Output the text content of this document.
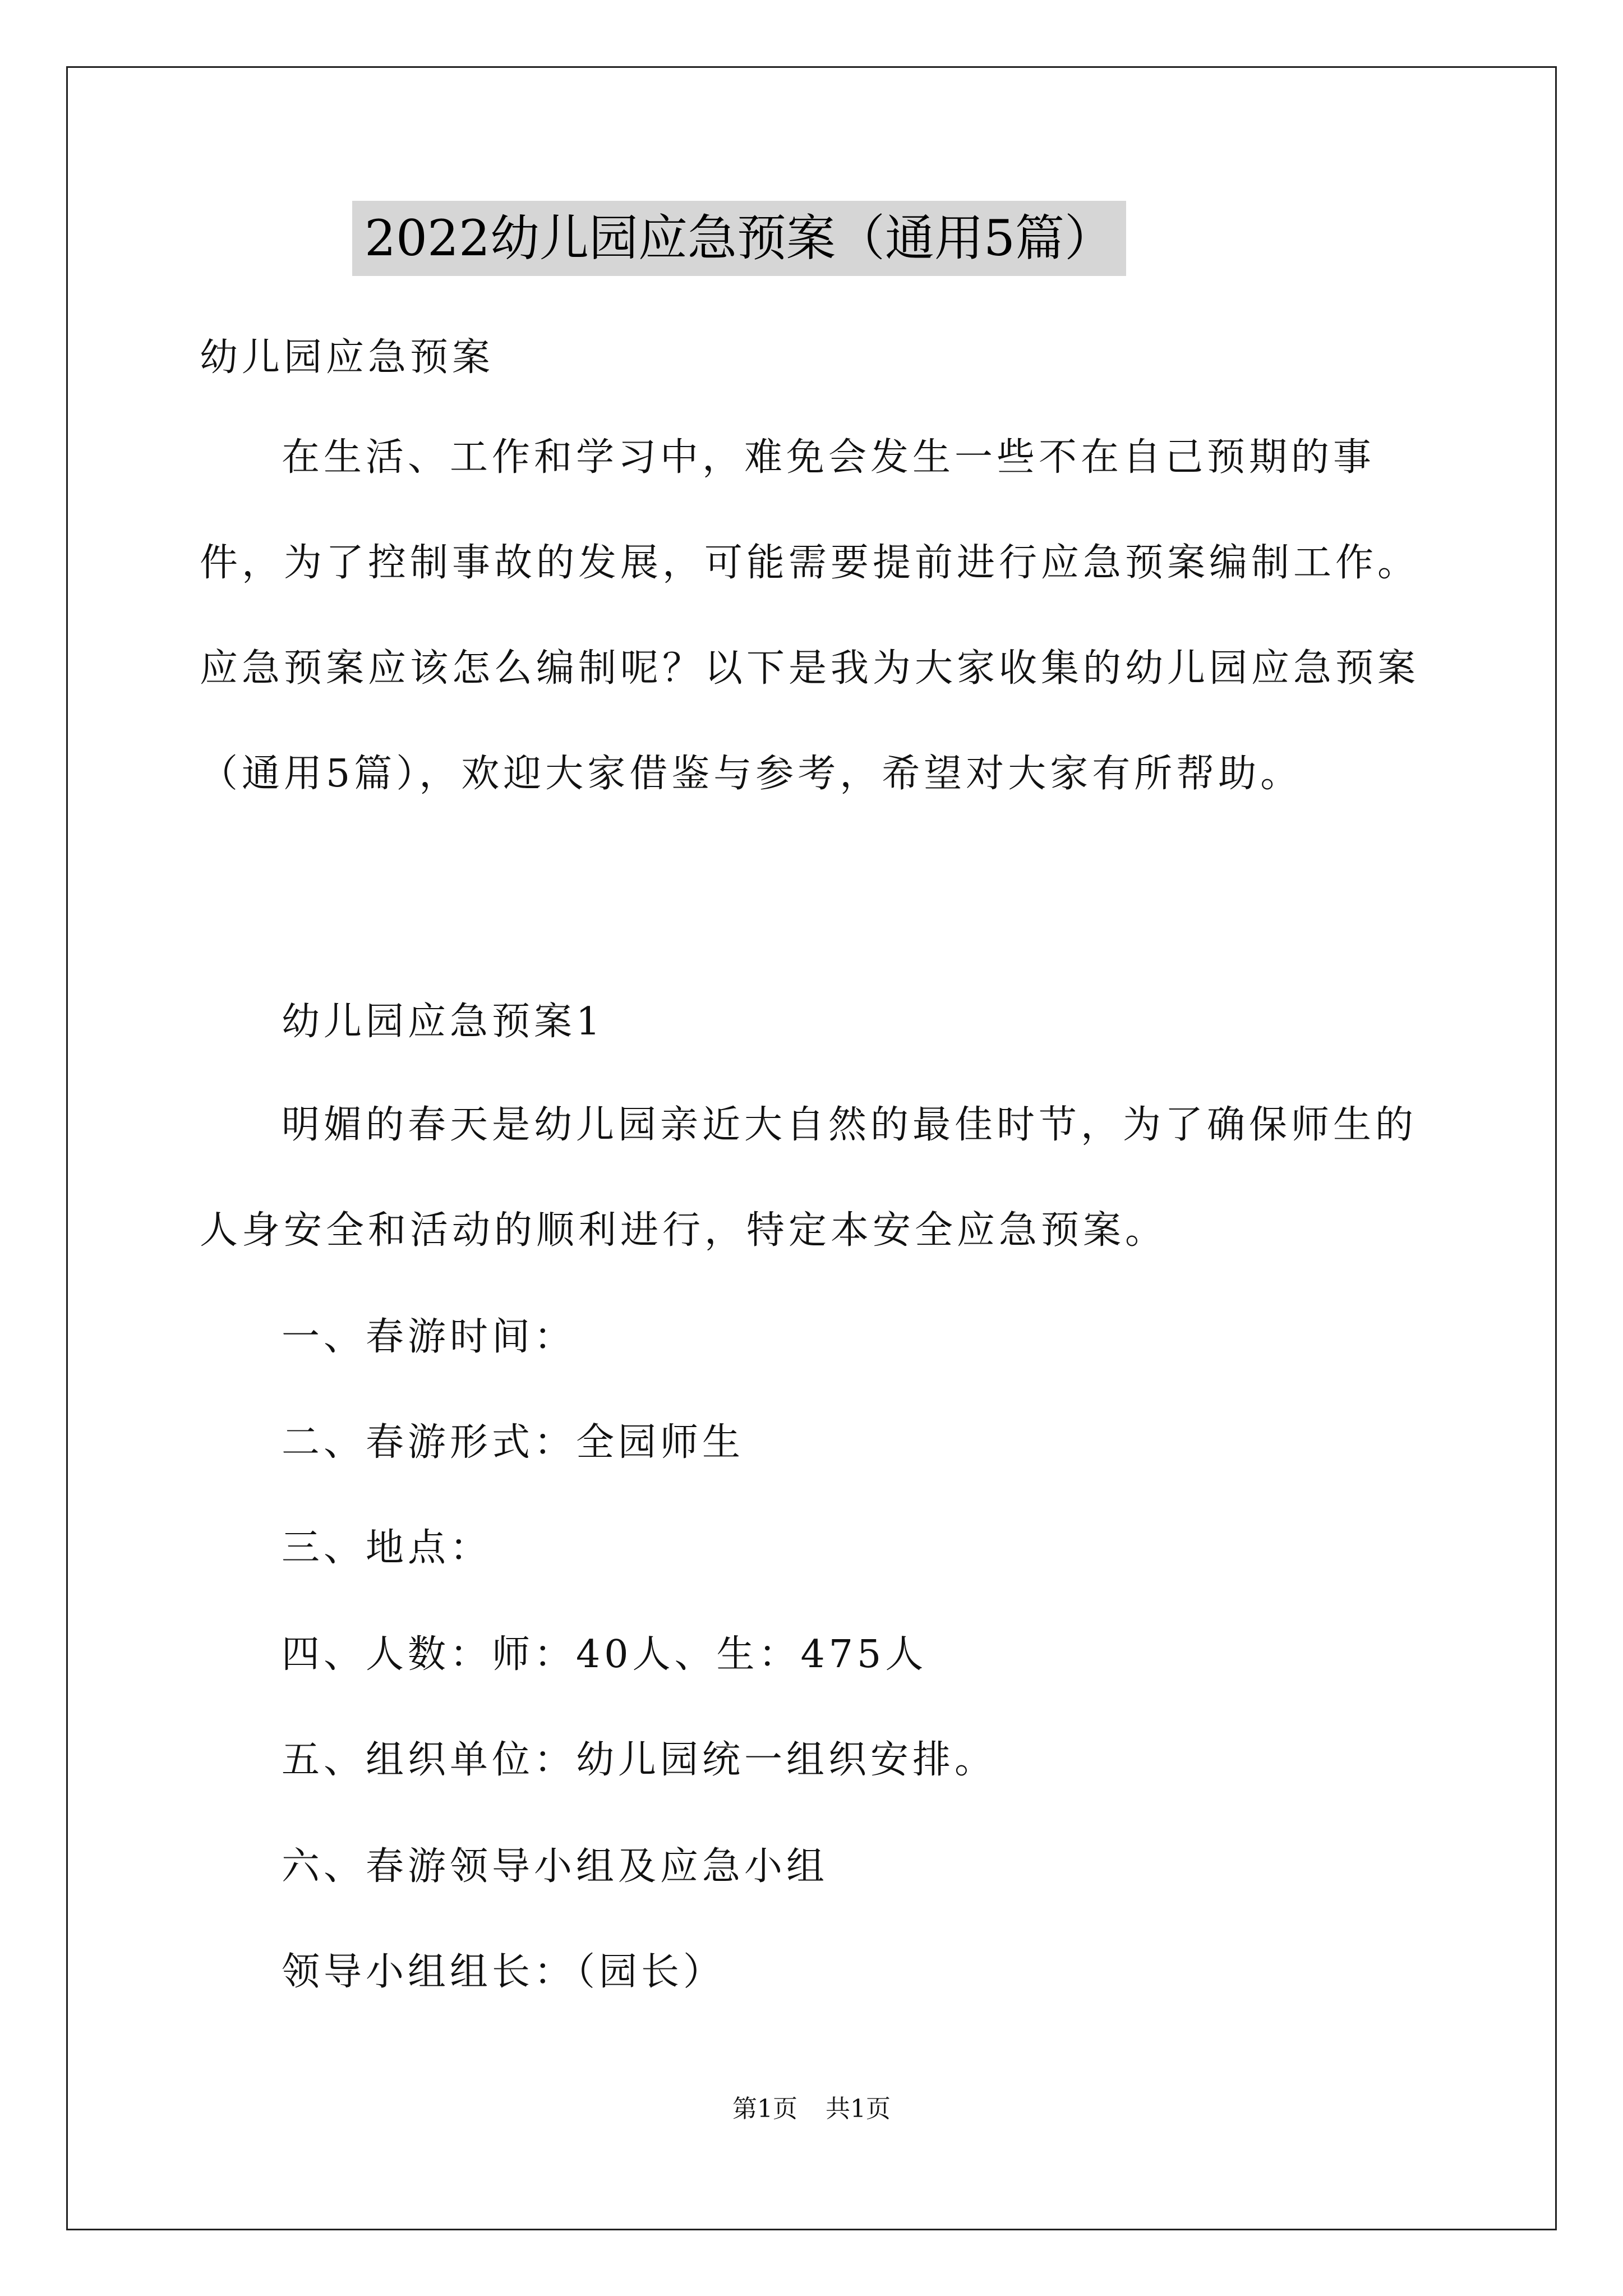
2022幼儿园应急预案（通用5篇）

幼儿园应急预案

在生活、工作和学习中，难免会发生一些不在自己预期的事件，为了控制事故的发展，可能需要提前进行应急预案编制工作。应急预案应该怎么编制呢？以下是我为大家收集的幼儿园应急预案（通用5篇），欢迎大家借鉴与参考，希望对大家有所帮助。

幼儿园应急预案1

明媚的春天是幼儿园亲近大自然的最佳时节，为了确保师生的人身安全和活动的顺利进行，特定本安全应急预案。

一、春游时间：

二、春游形式：全园师生

三、地点：

四、人数：师：40人、生：475人

五、组织单位：幼儿园统一组织安排。

六、春游领导小组及应急小组

领导小组组长：（园长）

第1页 共1页
